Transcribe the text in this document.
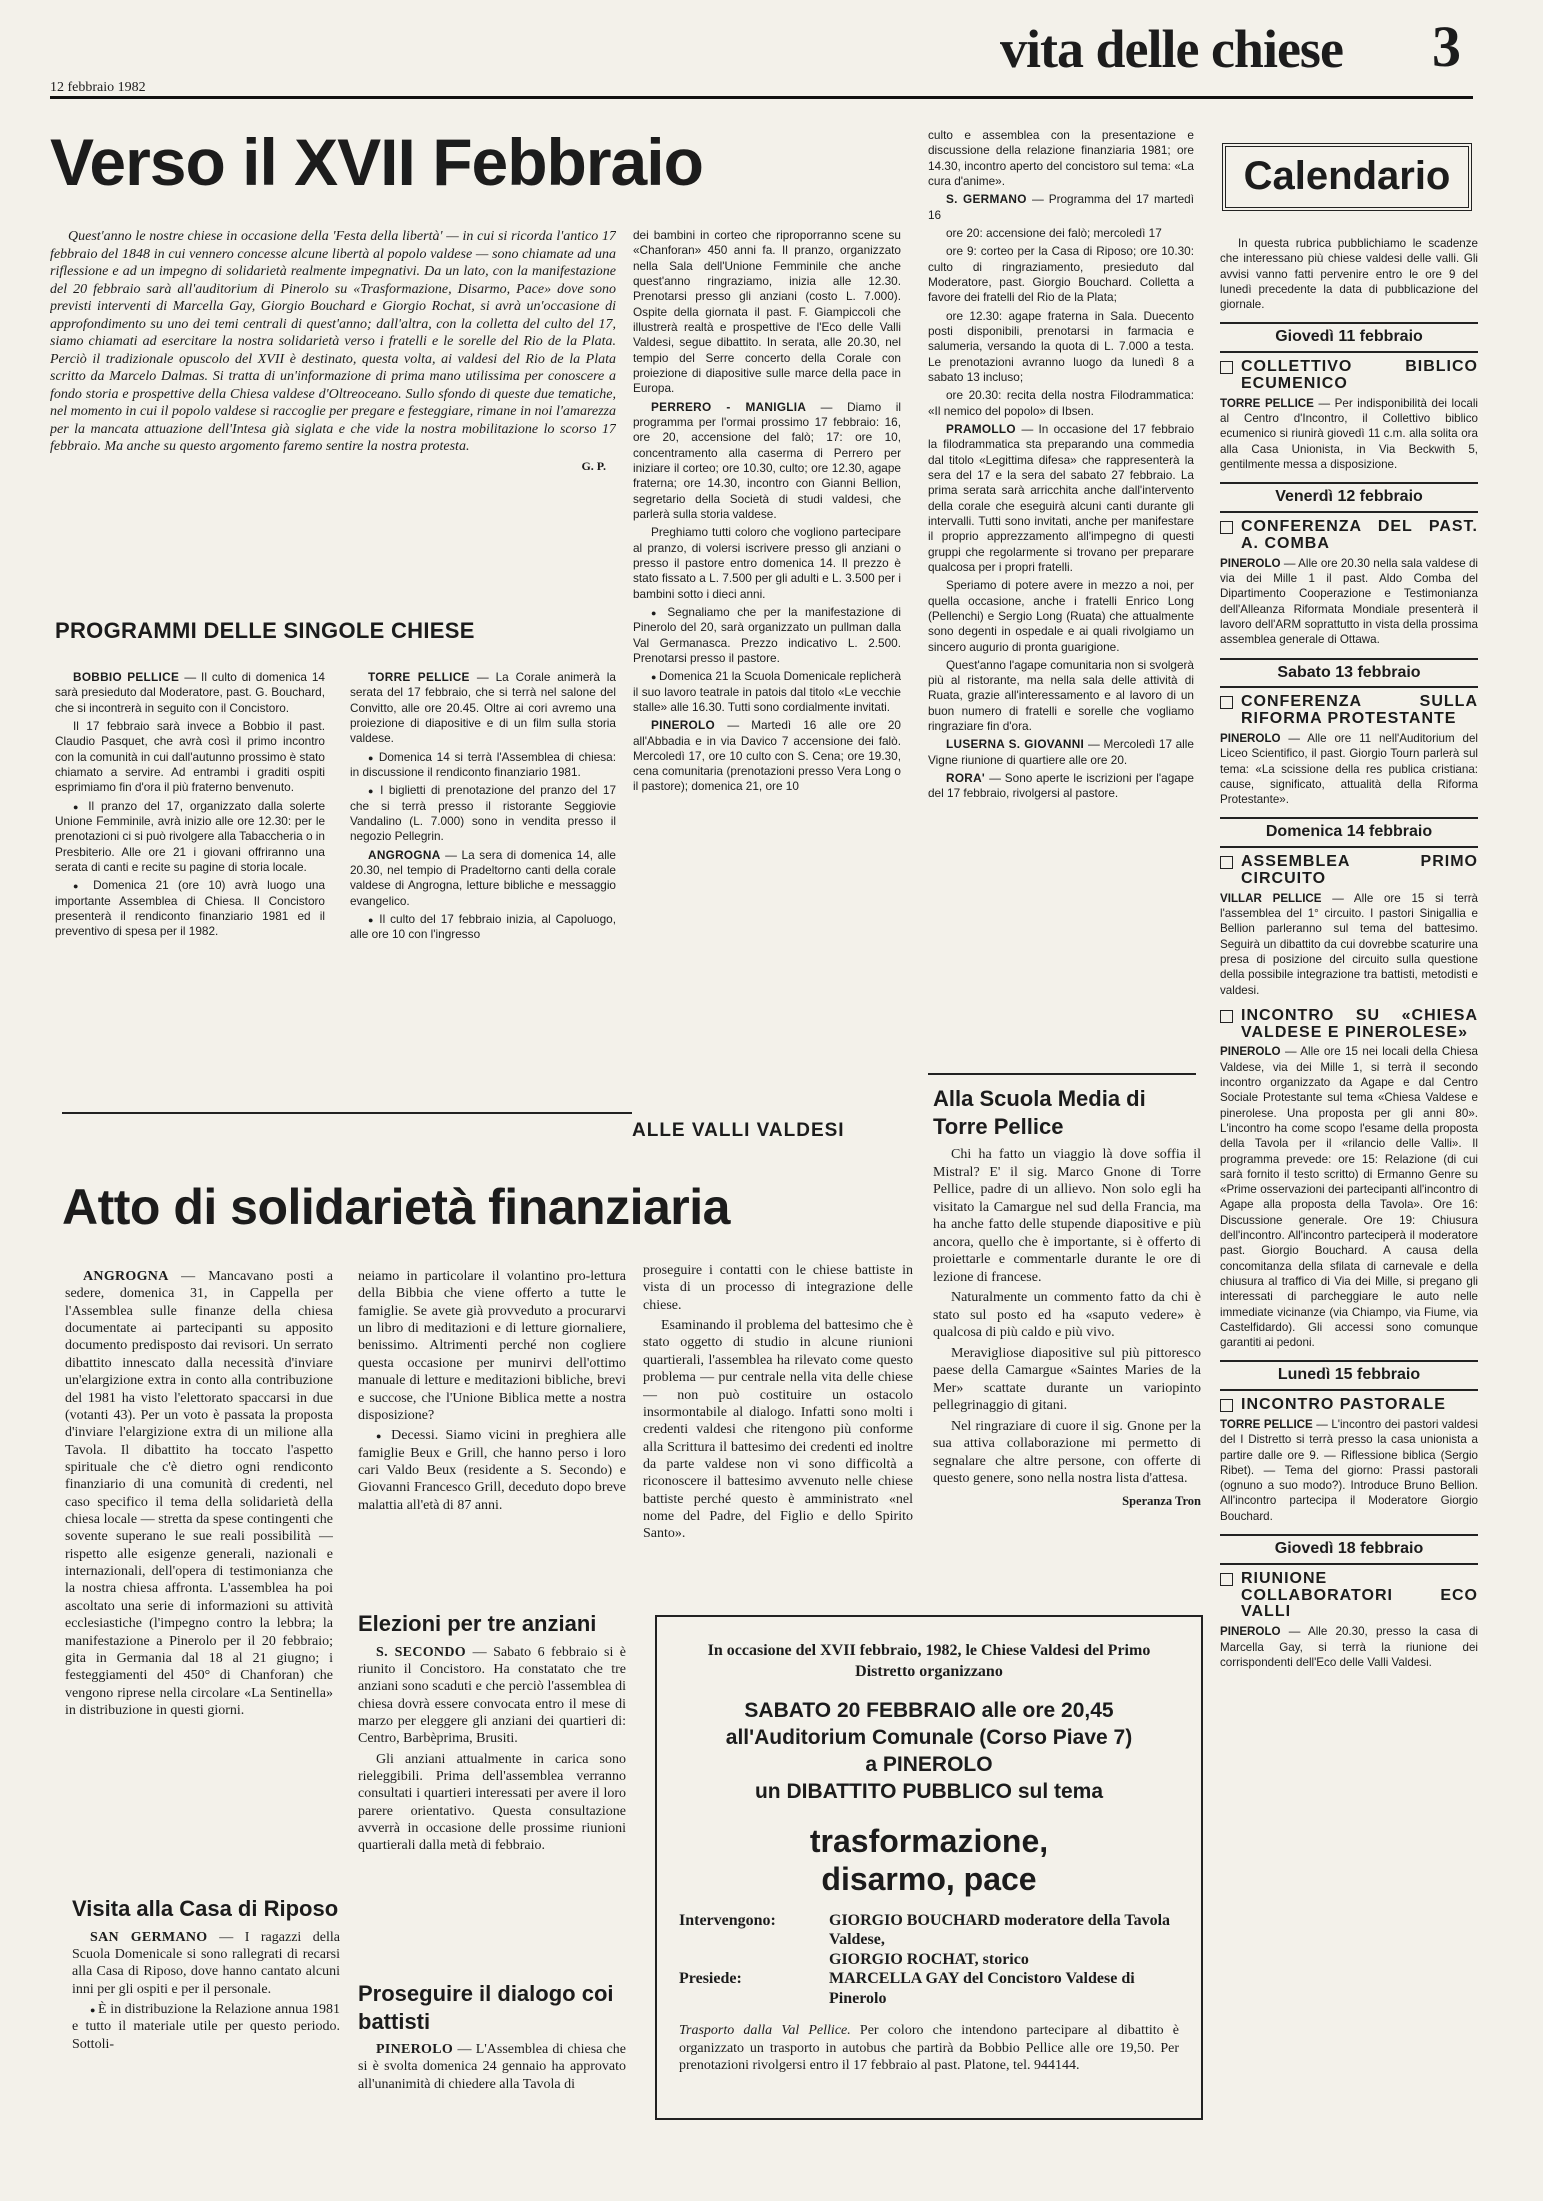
12 febbraio 1982
vita delle chiese 3
Verso il XVII Febbraio

Quest'anno le nostre chiese in occasione della 'Festa della libertà' — in cui si ricorda l'antico 17 febbraio del 1848 in cui vennero concesse alcune libertà al popolo valdese — sono chiamate ad una riflessione e ad un impegno di solidarietà realmente impegnativi. Da un lato, con la manifestazione del 20 febbraio sarà all'auditorium di Pinerolo su «Trasformazione, Disarmo, Pace» dove sono previsti interventi di Marcella Gay, Giorgio Bouchard e Giorgio Rochat, si avrà un'occasione di approfondimento su uno dei temi centrali di quest'anno; dall'altra, con la colletta del culto del 17, siamo chiamati ad esercitare la nostra solidarietà verso i fratelli e le sorelle del Rio de la Plata. Perciò il tradizionale opuscolo del XVII è destinato, questa volta, ai valdesi del Rio de la Plata scritto da Marcelo Dalmas. Si tratta di un'informazione di prima mano utilissima per conoscere a fondo storia e prospettive della Chiesa valdese d'Oltreoceano. Sullo sfondo di queste due tematiche, nel momento in cui il popolo valdese si raccoglie per pregare e festeggiare, rimane in noi l'amarezza per la mancata attuazione dell'Intesa già siglata e che vide la nostra mobilitazione lo scorso 17 febbraio. Ma anche su questo argomento faremo sentire la nostra protesta.

G. P.

PROGRAMMI DELLE SINGOLE CHIESE

BOBBIO PELLICE — Il culto di domenica 14 sarà presieduto dal Moderatore, past. G. Bouchard, che si incontrerà in seguito con il Concistoro.

Il 17 febbraio sarà invece a Bobbio il past. Claudio Pasquet, che avrà così il primo incontro con la comunità in cui dall'autunno prossimo è stato chiamato a servire. Ad entrambi i graditi ospiti esprimiamo fin d'ora il più fraterno benvenuto.

● Il pranzo del 17, organizzato dalla solerte Unione Femminile, avrà inizio alle ore 12.30: per le prenotazioni ci si può rivolgere alla Tabaccheria o in Presbiterio. Alle ore 21 i giovani offriranno una serata di canti e recite su pagine di storia locale.

● Domenica 21 (ore 10) avrà luogo una importante Assemblea di Chiesa. Il Concistoro presenterà il rendiconto finanziario 1981 ed il preventivo di spesa per il 1982.

TORRE PELLICE — La Corale animerà la serata del 17 febbraio, che si terrà nel salone del Convitto, alle ore 20.45. Oltre ai cori avremo una proiezione di diapositive e di un film sulla storia valdese.

● Domenica 14 si terrà l'Assemblea di chiesa: in discussione il rendiconto finanziario 1981.

● I biglietti di prenotazione del pranzo del 17 che si terrà presso il ristorante Seggiovie Vandalino (L. 7.000) sono in vendita presso il negozio Pellegrin.

ANGROGNA — La sera di domenica 14, alle 20.30, nel tempio di Pradeltorno canti della corale valdese di Angrogna, letture bibliche e messaggio evangelico.

● Il culto del 17 febbraio inizia, al Capoluogo, alle ore 10 con l'ingresso

dei bambini in corteo che riproporranno scene su «Chanforan» 450 anni fa. Il pranzo, organizzato nella Sala dell'Unione Femminile che anche quest'anno ringraziamo, inizia alle 12.30. Prenotarsi presso gli anziani (costo L. 7.000). Ospite della giornata il past. F. Giampiccoli che illustrerà realtà e prospettive de l'Eco delle Valli Valdesi, segue dibattito. In serata, alle 20.30, nel tempio del Serre concerto della Corale con proiezione di diapositive sulle marce della pace in Europa.

PERRERO - MANIGLIA — Diamo il programma per l'ormai prossimo 17 febbraio: 16, ore 20, accensione del falò; 17: ore 10, concentramento alla caserma di Perrero per iniziare il corteo; ore 10.30, culto; ore 12.30, agape fraterna; ore 14.30, incontro con Gianni Bellion, segretario della Società di studi valdesi, che parlerà sulla storia valdese.

Preghiamo tutti coloro che vogliono partecipare al pranzo, di volersi iscrivere presso gli anziani o presso il pastore entro domenica 14. Il prezzo è stato fissato a L. 7.500 per gli adulti e L. 3.500 per i bambini sotto i dieci anni.

● Segnaliamo che per la manifestazione di Pinerolo del 20, sarà organizzato un pullman dalla Val Germanasca. Prezzo indicativo L. 2.500. Prenotarsi presso il pastore.

● Domenica 21 la Scuola Domenicale replicherà il suo lavoro teatrale in patois dal titolo «Le vecchie stalle» alle 16.30. Tutti sono cordialmente invitati.

PINEROLO — Martedì 16 alle ore 20 all'Abbadia e in via Davico 7 accensione dei falò. Mercoledì 17, ore 10 culto con S. Cena; ore 19.30, cena comunitaria (prenotazioni presso Vera Long o il pastore); domenica 21, ore 10

culto e assemblea con la presentazione e discussione della relazione finanziaria 1981; ore 14.30, incontro aperto del concistoro sul tema: «La cura d'anime».

S. GERMANO — Programma del 17 martedì 16

ore 20: accensione dei falò; mercoledì 17

ore 9: corteo per la Casa di Riposo; ore 10.30: culto di ringraziamento, presieduto dal Moderatore, past. Giorgio Bouchard. Colletta a favore dei fratelli del Rio de la Plata;

ore 12.30: agape fraterna in Sala. Duecento posti disponibili, prenotarsi in farmacia e salumeria, versando la quota di L. 7.000 a testa. Le prenotazioni avranno luogo da lunedì 8 a sabato 13 incluso;

ore 20.30: recita della nostra Filodrammatica: «Il nemico del popolo» di Ibsen.

PRAMOLLO — In occasione del 17 febbraio la filodrammatica sta preparando una commedia dal titolo «Legittima difesa» che rappresenterà la sera del 17 e la sera del sabato 27 febbraio. La prima serata sarà arricchita anche dall'intervento della corale che eseguirà alcuni canti durante gli intervalli. Tutti sono invitati, anche per manifestare il proprio apprezzamento all'impegno di questi gruppi che regolarmente si trovano per preparare qualcosa per i propri fratelli.

Speriamo di potere avere in mezzo a noi, per quella occasione, anche i fratelli Enrico Long (Pellenchi) e Sergio Long (Ruata) che attualmente sono degenti in ospedale e ai quali rivolgiamo un sincero augurio di pronta guarigione.

Quest'anno l'agape comunitaria non si svolgerà più al ristorante, ma nella sala delle attività di Ruata, grazie all'interessamento e al lavoro di un buon numero di fratelli e sorelle che vogliamo ringraziare fin d'ora.

LUSERNA S. GIOVANNI — Mercoledì 17 alle Vigne riunione di quartiere alle ore 20.

RORA' — Sono aperte le iscrizioni per l'agape del 17 febbraio, rivolgersi al pastore.

Alla Scuola Media di Torre Pellice

Chi ha fatto un viaggio là dove soffia il Mistral? E' il sig. Marco Gnone di Torre Pellice, padre di un allievo. Non solo egli ha visitato la Camargue nel sud della Francia, ma ha anche fatto delle stupende diapositive e più ancora, quello che è importante, si è offerto di proiettarle e commentarle durante le ore di lezione di francese.

Naturalmente un commento fatto da chi è stato sul posto ed ha «saputo vedere» è qualcosa di più caldo e più vivo.

Meravigliose diapositive sul più pittoresco paese della Camargue «Saintes Maries de la Mer» scattate durante un variopinto pellegrinaggio di gitani.

Nel ringraziare di cuore il sig. Gnone per la sua attiva collaborazione mi permetto di segnalare che altre persone, con offerte di questo genere, sono nella nostra lista d'attesa.

Speranza Tron
ALLE VALLI VALDESI
Atto di solidarietà finanziaria

ANGROGNA — Mancavano posti a sedere, domenica 31, in Cappella per l'Assemblea sulle finanze della chiesa documentate ai partecipanti su apposito documento predisposto dai revisori. Un serrato dibattito innescato dalla necessità d'inviare un'elargizione extra in conto alla contribuzione del 1981 ha visto l'elettorato spaccarsi in due (votanti 43). Per un voto è passata la proposta d'inviare l'elargizione extra di un milione alla Tavola. Il dibattito ha toccato l'aspetto spirituale che c'è dietro ogni rendiconto finanziario di una comunità di credenti, nel caso specifico il tema della solidarietà della chiesa locale — stretta da spese contingenti che sovente superano le sue reali possibilità — rispetto alle esigenze generali, nazionali e internazionali, dell'opera di testimonianza che la nostra chiesa affronta. L'assemblea ha poi ascoltato una serie di informazioni su attività ecclesiastiche (l'impegno contro la lebbra; la manifestazione a Pinerolo per il 20 febbraio; gita in Germania dal 18 al 21 giugno; i festeggiamenti del 450° di Chanforan) che vengono riprese nella circolare «La Sentinella» in distribuzione in questi giorni.

Visita alla Casa di Riposo

SAN GERMANO — I ragazzi della Scuola Domenicale si sono rallegrati di recarsi alla Casa di Riposo, dove hanno cantato alcuni inni per gli ospiti e per il personale.

● È in distribuzione la Relazione annua 1981 e tutto il materiale utile per questo periodo. Sottoli-

neiamo in particolare il volantino pro-lettura della Bibbia che viene offerto a tutte le famiglie. Se avete già provveduto a procurarvi un libro di meditazioni e di letture giornaliere, benissimo. Altrimenti perché non cogliere questa occasione per munirvi dell'ottimo manuale di letture e meditazioni bibliche, brevi e succose, che l'Unione Biblica mette a nostra disposizione?

● Decessi. Siamo vicini in preghiera alle famiglie Beux e Grill, che hanno perso i loro cari Valdo Beux (residente a S. Secondo) e Giovanni Francesco Grill, deceduto dopo breve malattia all'età di 87 anni.

Elezioni per tre anziani

S. SECONDO — Sabato 6 febbraio si è riunito il Concistoro. Ha constatato che tre anziani sono scaduti e che perciò l'assemblea di chiesa dovrà essere convocata entro il mese di marzo per eleggere gli anziani dei quartieri di: Centro, Barbèprima, Brusiti.

Gli anziani attualmente in carica sono rieleggibili. Prima dell'assemblea verranno consultati i quartieri interessati per avere il loro parere orientativo. Questa consultazione avverrà in occasione delle prossime riunioni quartierali dalla metà di febbraio.

Proseguire il dialogo coi battisti

PINEROLO — L'Assemblea di chiesa che si è svolta domenica 24 gennaio ha approvato all'unanimità di chiedere alla Tavola di

proseguire i contatti con le chiese battiste in vista di un processo di integrazione delle chiese.

Esaminando il problema del battesimo che è stato oggetto di studio in alcune riunioni quartierali, l'assemblea ha rilevato come questo problema — pur centrale nella vita delle chiese — non può costituire un ostacolo insormontabile al dialogo. Infatti sono molti i credenti valdesi che ritengono più conforme alla Scrittura il battesimo dei credenti ed inoltre da parte valdese non vi sono difficoltà a riconoscere il battesimo avvenuto nelle chiese battiste perché questo è amministrato «nel nome del Padre, del Figlio e dello Spirito Santo».

In occasione del XVII febbraio, 1982, le Chiese Valdesi del Primo Distretto organizzano
SABATO 20 FEBBRAIO alle ore 20,45
all'Auditorium Comunale (Corso Piave 7)
a PINEROLO
un DIBATTITO PUBBLICO sul tema
trasformazione,
disarmo, pace
Intervengono:	GIORGIO BOUCHARD moderatore della Tavola Valdese,
GIORGIO ROCHAT, storico
Presiede:	MARCELLA GAY del Concistoro Valdese di Pinerolo
Trasporto dalla Val Pellice. Per coloro che intendono partecipare al dibattito è organizzato un trasporto in autobus che partirà da Bobbio Pellice alle ore 19,50. Per prenotazioni rivolgersi entro il 17 febbraio al past. Platone, tel. 944144.
Calendario

In questa rubrica pubblichiamo le scadenze che interessano più chiese valdesi delle valli. Gli avvisi vanno fatti pervenire entro le ore 9 del lunedì precedente la data di pubblicazione del giornale.

Giovedì 11 febbraio
COLLETTIVO BIBLICO ECUMENICO

TORRE PELLICE — Per indisponibilità dei locali al Centro d'Incontro, il Collettivo biblico ecumenico si riunirà giovedì 11 c.m. alla solita ora alla Casa Unionista, in Via Beckwith 5, gentilmente messa a disposizione.

Venerdì 12 febbraio
CONFERENZA DEL PAST. A. COMBA

PINEROLO — Alle ore 20.30 nella sala valdese di via dei Mille 1 il past. Aldo Comba del Dipartimento Cooperazione e Testimonianza dell'Alleanza Riformata Mondiale presenterà il lavoro dell'ARM soprattutto in vista della prossima assemblea generale di Ottawa.

Sabato 13 febbraio
CONFERENZA SULLA RIFORMA PROTESTANTE

PINEROLO — Alle ore 11 nell'Auditorium del Liceo Scientifico, il past. Giorgio Tourn parlerà sul tema: «La scissione della res publica cristiana: cause, significato, attualità della Riforma Protestante».

Domenica 14 febbraio
ASSEMBLEA PRIMO CIRCUITO

VILLAR PELLICE — Alle ore 15 si terrà l'assemblea del 1° circuito. I pastori Sinigallia e Bellion parleranno sul tema del battesimo. Seguirà un dibattito da cui dovrebbe scaturire una presa di posizione del circuito sulla questione della possibile integrazione tra battisti, metodisti e valdesi.

INCONTRO SU «CHIESA VALDESE E PINEROLESE»

PINEROLO — Alle ore 15 nei locali della Chiesa Valdese, via dei Mille 1, si terrà il secondo incontro organizzato da Agape e dal Centro Sociale Protestante sul tema «Chiesa Valdese e pinerolese. Una proposta per gli anni 80». L'incontro ha come scopo l'esame della proposta della Tavola per il «rilancio delle Valli». Il programma prevede: ore 15: Relazione (di cui sarà fornito il testo scritto) di Ermanno Genre su «Prime osservazioni dei partecipanti all'incontro di Agape alla proposta della Tavola». Ore 16: Discussione generale. Ore 19: Chiusura dell'incontro. All'incontro parteciperà il moderatore past. Giorgio Bouchard. A causa della concomitanza della sfilata di carnevale e della chiusura al traffico di Via dei Mille, si pregano gli interessati di parcheggiare le auto nelle immediate vicinanze (via Chiampo, via Fiume, via Castelfidardo). Gli accessi sono comunque garantiti ai pedoni.

Lunedì 15 febbraio
INCONTRO PASTORALE

TORRE PELLICE — L'incontro dei pastori valdesi del I Distretto si terrà presso la casa unionista a partire dalle ore 9. — Riflessione biblica (Sergio Ribet). — Tema del giorno: Prassi pastorali (ognuno a suo modo?). Introduce Bruno Bellion. All'incontro partecipa il Moderatore Giorgio Bouchard.

Giovedì 18 febbraio
RIUNIONE COLLABORATORI ECO VALLI

PINEROLO — Alle 20.30, presso la casa di Marcella Gay, si terrà la riunione dei corrispondenti dell'Eco delle Valli Valdesi.
